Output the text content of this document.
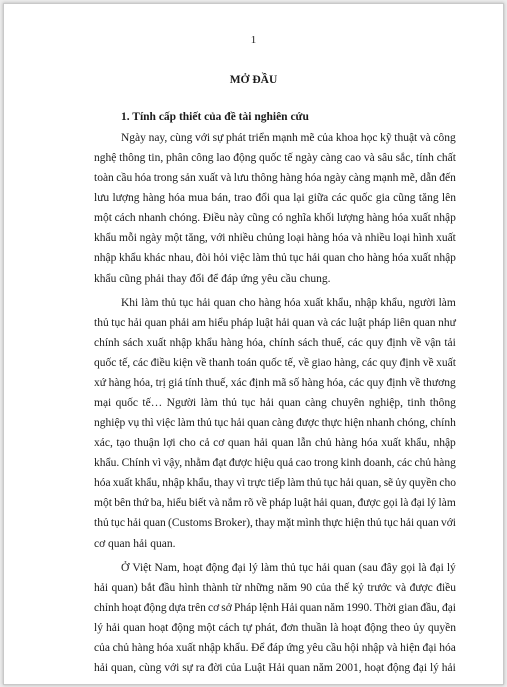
1
MỞ ĐẦU
1. Tính cấp thiết của đề tài nghiên cứu
Ngày nay, cùng với sự phát triển mạnh mẽ của khoa học kỹ thuật và công
nghệ thông tin, phân công lao động quốc tế ngày càng cao và sâu sắc, tính chất
toàn cầu hóa trong sản xuất và lưu thông hàng hóa ngày càng mạnh mẽ, dẫn đến
lưu lượng hàng hóa mua bán, trao đổi qua lại giữa các quốc gia cũng tăng lên
một cách nhanh chóng. Điều này cũng có nghĩa khối lượng hàng hóa xuất nhập
khẩu mỗi ngày một tăng, với nhiều chủng loại hàng hóa và nhiều loại hình xuất
nhập khẩu khác nhau, đòi hỏi việc làm thủ tục hải quan cho hàng hóa xuất nhập
khẩu cũng phải thay đổi để đáp ứng yêu cầu chung.
Khi làm thủ tục hải quan cho hàng hóa xuất khẩu, nhập khẩu, người làm
thủ tục hải quan phải am hiểu pháp luật hải quan và các luật pháp liên quan như
chính sách xuất nhập khẩu hàng hóa, chính sách thuế, các quy định về vận tải
quốc tế, các điều kiện về thanh toán quốc tế, về giao hàng, các quy định về xuất
xứ hàng hóa, trị giá tính thuế, xác định mã số hàng hóa, các quy định về thương
mại quốc tế… Người làm thủ tục hải quan càng chuyên nghiệp, tinh thông
nghiệp vụ thì việc làm thủ tục hải quan càng được thực hiện nhanh chóng, chính
xác, tạo thuận lợi cho cả cơ quan hải quan lẫn chủ hàng hóa xuất khẩu, nhập
khẩu. Chính vì vậy, nhằm đạt được hiệu quả cao trong kinh doanh, các chủ hàng
hóa xuất khẩu, nhập khẩu, thay vì trực tiếp làm thủ tục hải quan, sẽ ủy quyền cho
một bên thứ ba, hiểu biết và nắm rõ về pháp luật hải quan, được gọi là đại lý làm
thủ tục hải quan (Customs Broker), thay mặt mình thực hiện thủ tục hải quan với
cơ quan hải quan.
Ở Việt Nam, hoạt động đại lý làm thủ tục hải quan (sau đây gọi là đại lý
hải quan) bắt đầu hình thành từ những năm 90 của thế kỷ trước và được điều
chỉnh hoạt động dựa trên cơ sở Pháp lệnh Hải quan năm 1990. Thời gian đầu, đại
lý hải quan hoạt động một cách tự phát, đơn thuần là hoạt động theo ủy quyền
của chủ hàng hóa xuất nhập khẩu. Để đáp ứng yêu cầu hội nhập và hiện đại hóa
hải quan, cùng với sự ra đời của Luật Hải quan năm 2001, hoạt động đại lý hải
